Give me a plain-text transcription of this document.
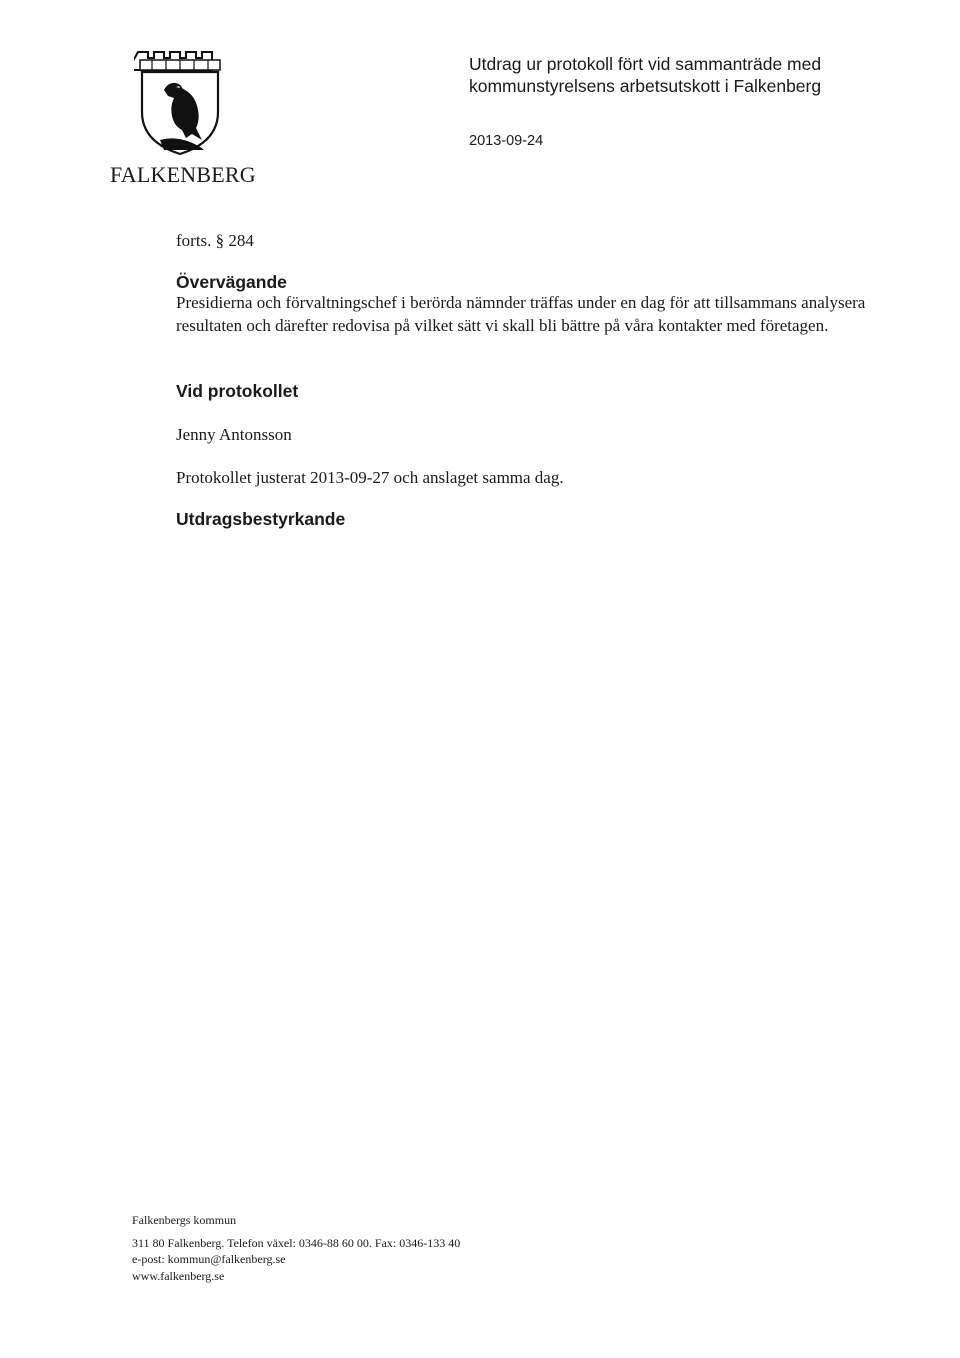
FALKENBERG
Utdrag ur protokoll fört vid sammanträde med
kommunstyrelsens arbetsutskott i Falkenberg
2013-09-24
forts. § 284
Övervägande
Presidierna och förvaltningschef i berörda nämnder träffas under en dag för att tillsammans analysera resultaten och därefter redovisa på vilket sätt vi skall bli bättre på våra kontakter med företagen.
Vid protokollet
Jenny Antonsson
Protokollet justerat 2013-09-27 och anslaget samma dag.
Utdragsbestyrkande
Falkenbergs kommun
311 80 Falkenberg. Telefon växel: 0346-88 60 00. Fax: 0346-133 40
e-post: kommun@falkenberg.se
www.falkenberg.se
